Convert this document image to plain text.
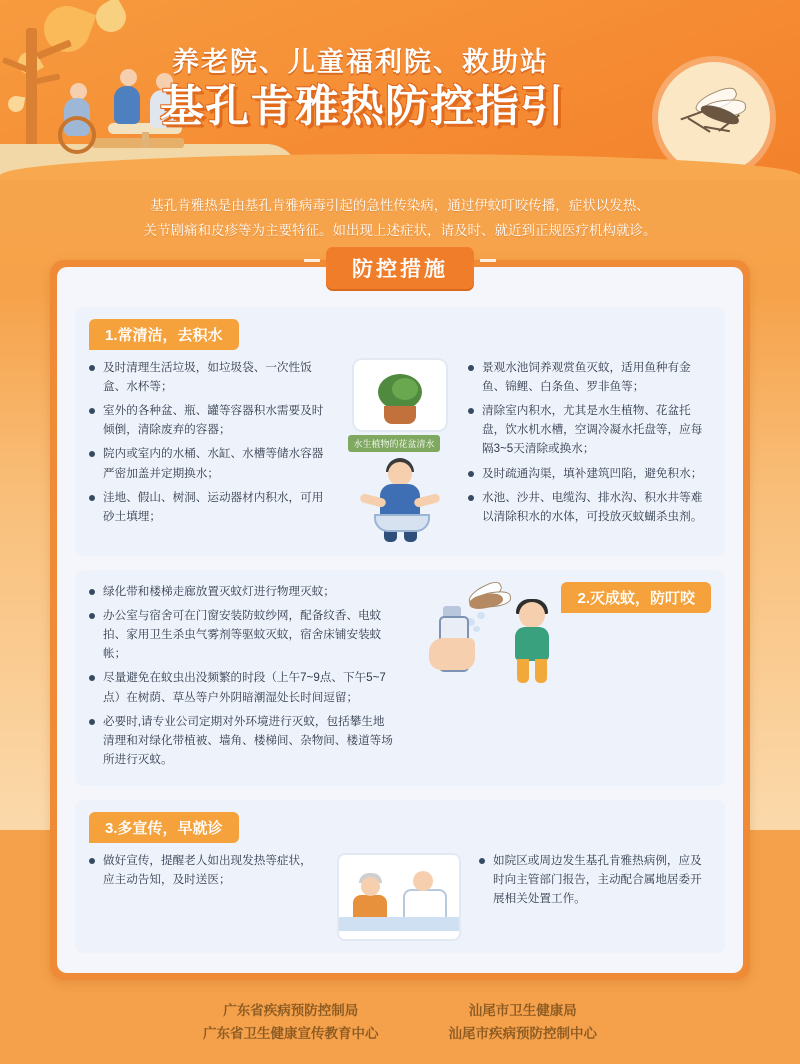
养老院、儿童福利院、救助站

基孔肯雅热防控指引

基孔肯雅热是由基孔肯雅病毒引起的急性传染病，通过伊蚊叮咬传播，症状以发热、
关节剧痛和皮疹等为主要特征。如出现上述症状，请及时、就近到正规医疗机构就诊。
防控措施
1.常清洁，去积水
及时清理生活垃圾，如垃圾袋、一次性饭盒、水杯等；
室外的各种盆、瓶、罐等容器积水需要及时倾倒，清除废弃的容器；
院内或室内的水桶、水缸、水槽等储水容器严密加盖并定期换水；
洼地、假山、树洞、运动器材内积水，可用砂土填埋；
水生植物的花盆清水
景观水池饲养观赏鱼灭蚊，适用鱼种有金鱼、锦鲤、白条鱼、罗非鱼等；
清除室内积水，尤其是水生植物、花盆托盘，饮水机水槽，空调冷凝水托盘等，应每隔3~5天清除或换水；
及时疏通沟渠，填补建筑凹陷，避免积水；
水池、沙井、电缆沟、排水沟、积水井等难以清除积水的水体，可投放灭蚊蝴杀虫剂。
2.灭成蚊，防叮咬
绿化带和楼梯走廊放置灭蚊灯进行物理灭蚊；
办公室与宿舍可在门窗安装防蚊纱网，配备纹香、电蚊拍、家用卫生杀虫气雾剂等驱蚊灭蚊，宿舍床铺安装蚊帐；
尽量避免在蚊虫出没频繁的时段（上午7~9点、下午5~7点）在树荫、草丛等户外阴暗潮湿处长时间逗留；
必要时,请专业公司定期对外环境进行灭蚊，包括攀生地清理和对绿化带植被、墙角、楼梯间、杂物间、楼道等场所进行灭蚊。
3.多宣传，早就诊
做好宣传，提醒老人如出现发热等症状，应主动告知，及时送医；
如院区或周边发生基孔肯雅热病例，应及时向主管部门报告，主动配合属地居委开展相关处置工作。
广东省疾病预防控制局
广东省卫生健康宣传教育中心
汕尾市卫生健康局
汕尾市疾病预防控制中心
